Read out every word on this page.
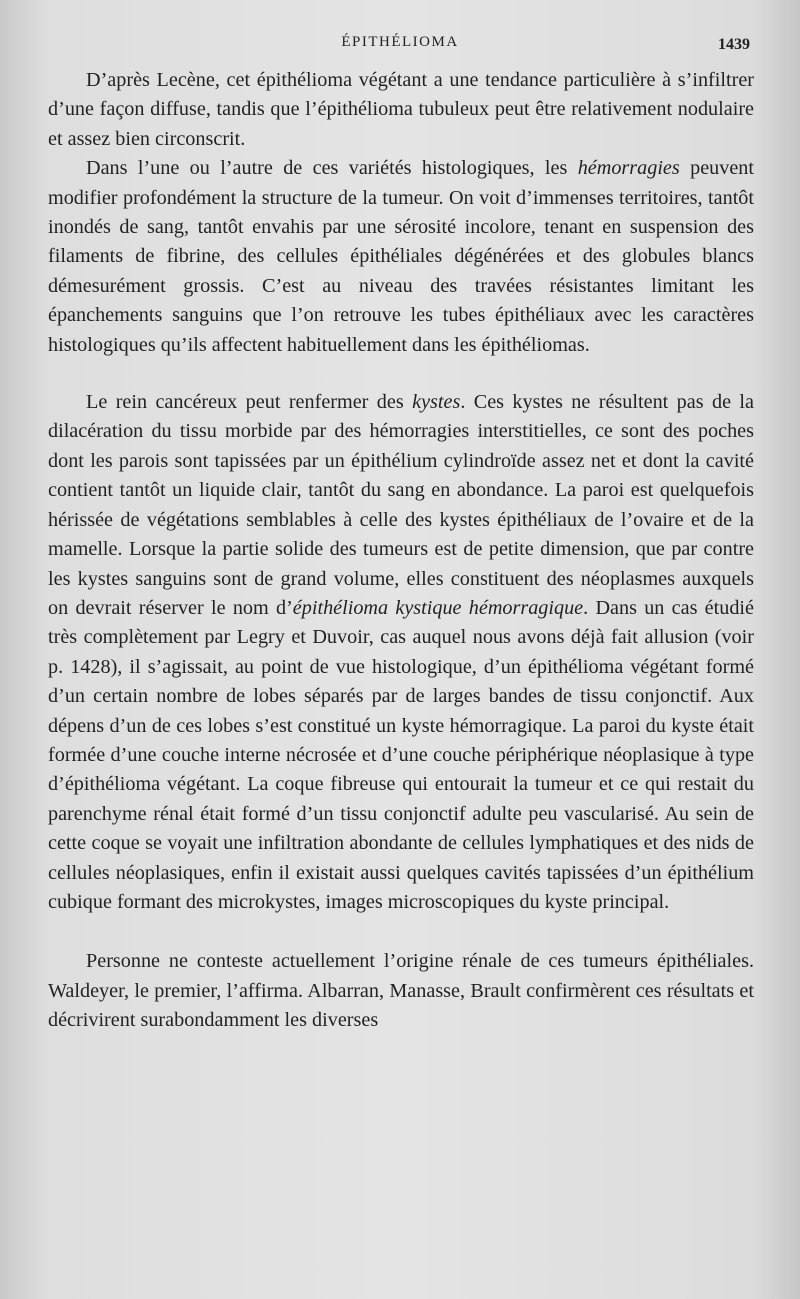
ÉPITHÉLIOMA	1439

D’après Lecène, cet épithélioma végétant a une tendance particulière à s’infiltrer d’une façon diffuse, tandis que l’épithélioma tubuleux peut être relativement nodulaire et assez bien circonscrit.

Dans l’une ou l’autre de ces variétés histologiques, les hémorragies peuvent modifier profondément la structure de la tumeur. On voit d’immenses territoires, tantôt inondés de sang, tantôt envahis par une sérosité incolore, tenant en suspension des filaments de fibrine, des cellules épithéliales dégénérées et des globules blancs démesurément grossis. C’est au niveau des travées résistantes limitant les épanchements sanguins que l’on retrouve les tubes épithéliaux avec les caractères histologiques qu’ils affectent habituellement dans les épithéliomas.

Le rein cancéreux peut renfermer des kystes. Ces kystes ne résultent pas de la dilacération du tissu morbide par des hémorragies interstitielles, ce sont des poches dont les parois sont tapissées par un épithélium cylindroïde assez net et dont la cavité contient tantôt un liquide clair, tantôt du sang en abondance. La paroi est quelquefois hérissée de végétations semblables à celle des kystes épithéliaux de l’ovaire et de la mamelle. Lorsque la partie solide des tumeurs est de petite dimension, que par contre les kystes sanguins sont de grand volume, elles constituent des néoplasmes auxquels on devrait réserver le nom d’épithélioma kystique hémorragique. Dans un cas étudié très complètement par Legry et Duvoir, cas auquel nous avons déjà fait allusion (voir p. 1428), il s’agissait, au point de vue histologique, d’un épithélioma végétant formé d’un certain nombre de lobes séparés par de larges bandes de tissu conjonctif. Aux dépens d’un de ces lobes s’est constitué un kyste hémorragique. La paroi du kyste était formée d’une couche interne nécrosée et d’une couche périphérique néoplasique à type d’épithélioma végétant. La coque fibreuse qui entourait la tumeur et ce qui restait du parenchyme rénal était formé d’un tissu conjonctif adulte peu vascularisé. Au sein de cette coque se voyait une infiltration abondante de cellules lymphatiques et des nids de cellules néoplasiques, enfin il existait aussi quelques cavités tapissées d’un épithélium cubique formant des microkystes, images microscopiques du kyste principal.

Personne ne conteste actuellement l’origine rénale de ces tumeurs épithéliales. Waldeyer, le premier, l’affirma. Albarran, Manasse, Brault confirmèrent ces résultats et décrivirent surabondamment les diverses
